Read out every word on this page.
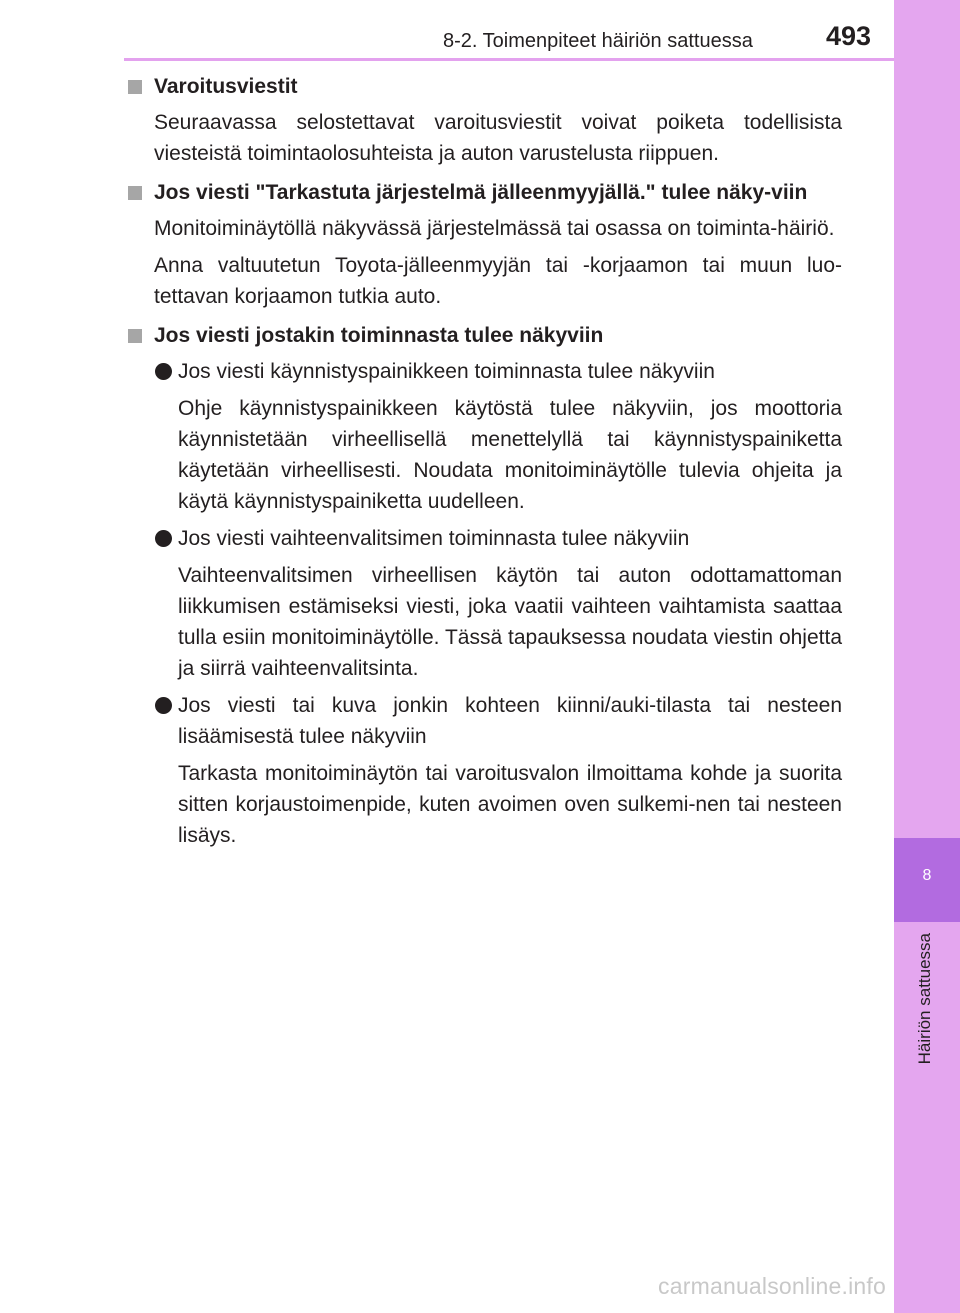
8-2. Toimenpiteet häiriön sattuessa	493
8
Häiriön sattuessa
Varoitusviestit

Seuraavassa selostettavat varoitusviestit voivat poiketa todellisista viesteistä toimintaolosuhteista ja auton varustelusta riippuen.

Jos viesti "Tarkastuta järjestelmä jälleenmyyjällä." tulee näky-viin

Monitoiminäytöllä näkyvässä järjestelmässä tai osassa on toiminta-häiriö.

Anna valtuutetun Toyota-jälleenmyyjän tai -korjaamon tai muun luo-tettavan korjaamon tutkia auto.

Jos viesti jostakin toiminnasta tulee näkyviin
Jos viesti käynnistyspainikkeen toiminnasta tulee näkyviin

Ohje käynnistyspainikkeen käytöstä tulee näkyviin, jos moottoria käynnistetään virheellisellä menettelyllä tai käynnistyspainiketta käytetään virheellisesti. Noudata monitoiminäytölle tulevia ohjeita ja käytä käynnistyspainiketta uudelleen.

Jos viesti vaihteenvalitsimen toiminnasta tulee näkyviin

Vaihteenvalitsimen virheellisen käytön tai auton odottamattoman liikkumisen estämiseksi viesti, joka vaatii vaihteen vaihtamista saattaa tulla esiin monitoiminäytölle. Tässä tapauksessa noudata viestin ohjetta ja siirrä vaihteenvalitsinta.

Jos viesti tai kuva jonkin kohteen kiinni/auki-tilasta tai nesteen lisäämisestä tulee näkyviin

Tarkasta monitoiminäytön tai varoitusvalon ilmoittama kohde ja suorita sitten korjaustoimenpide, kuten avoimen oven sulkemi-nen tai nesteen lisäys.

carmanualsonline.info
